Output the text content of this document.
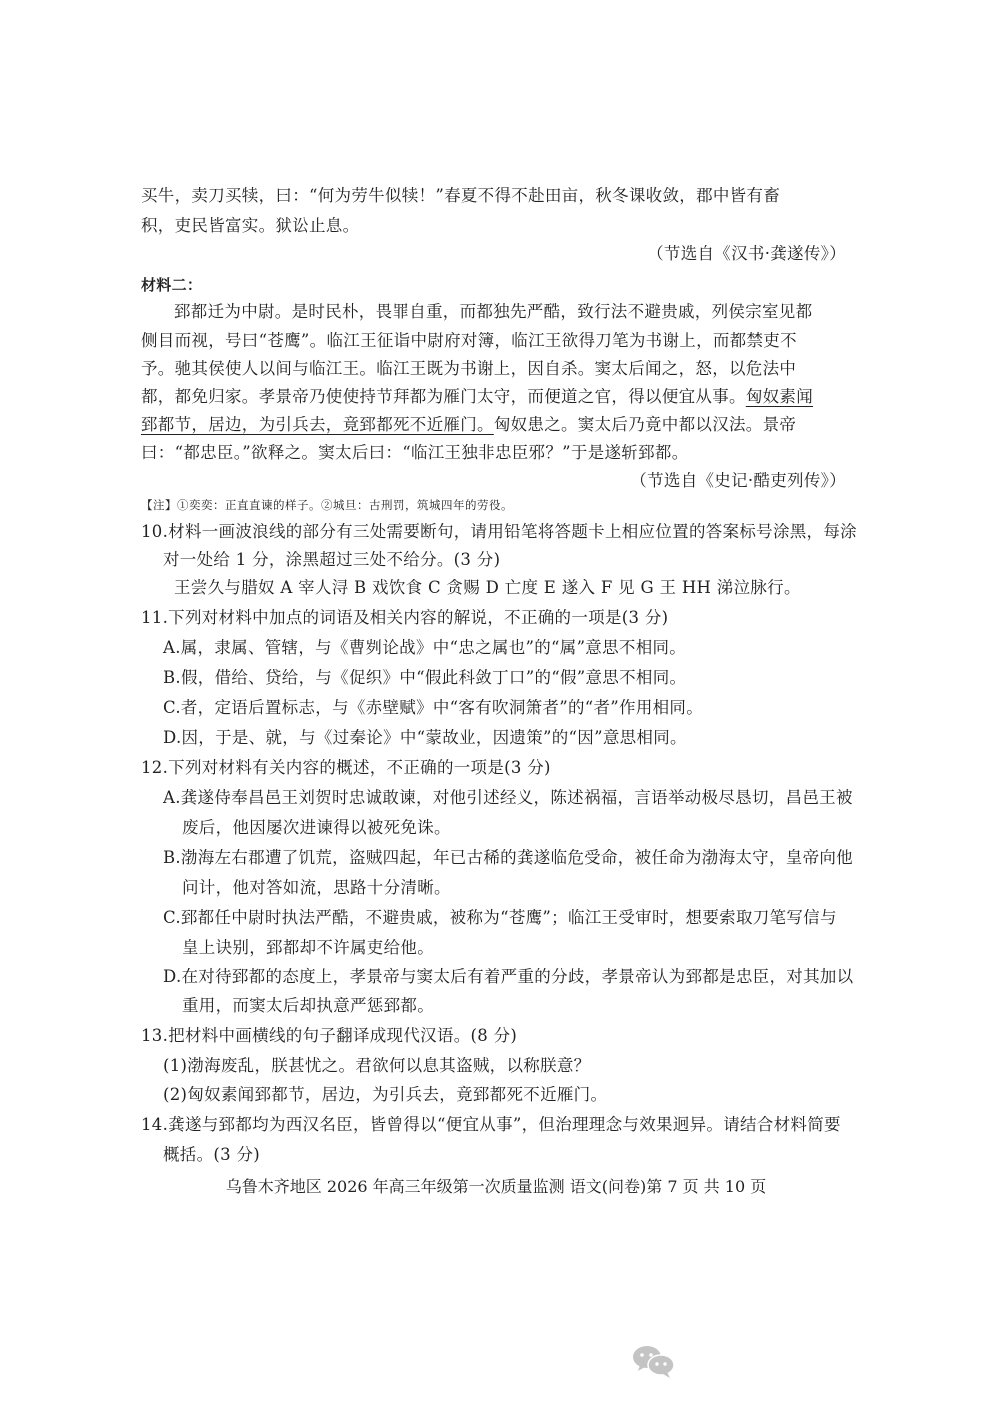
买牛，卖刀买犊，曰：“何为劳牛似犊！”春夏不得不赴田亩，秋冬课收敛，郡中皆有畜
积，吏民皆富实。狱讼止息。
（节选自《汉书·龚遂传》）
材料二：
郅都迁为中尉。是时民朴，畏罪自重，而都独先严酷，致行法不避贵戚，列侯宗室见都
侧目而视，号曰“苍鹰”。临江王征诣中尉府对簿，临江王欲得刀笔为书谢上，而都禁吏不
予。驰其侯使人以间与临江王。临江王既为书谢上，因自杀。窦太后闻之，怒，以危法中
都，都免归家。孝景帝乃使使持节拜都为雁门太守，而便道之官，得以便宜从事。匈奴素闻
郅都节，居边，为引兵去，竟郅都死不近雁门。匈奴患之。窦太后乃竟中都以汉法。景帝
曰：“都忠臣。”欲释之。窦太后曰：“临江王独非忠臣邪？”于是遂斩郅都。
（节选自《史记·酷吏列传》）
【注】①奕奕：正直直谏的样子。②城旦：古刑罚，筑城四年的劳役。
10.材料一画波浪线的部分有三处需要断句，请用铅笔将答题卡上相应位置的答案标号涂黑，每涂
对一处给 1 分，涂黑超过三处不给分。(3 分)
王尝久与腊奴 A 宰人浔 B 戏饮食 C 贪赐 D 亡度 E 遂入 F 见 G 王 HH 涕泣脉行。
11.下列对材料中加点的词语及相关内容的解说，不正确的一项是(3 分)
A.属，隶属、管辖，与《曹刿论战》中“忠之属也”的“属”意思不相同。
B.假，借给、贷给，与《促织》中“假此科敛丁口”的“假”意思不相同。
C.者，定语后置标志，与《赤壁赋》中“客有吹洞箫者”的“者”作用相同。
D.因，于是、就，与《过秦论》中“蒙故业，因遗策”的“因”意思相同。
12.下列对材料有关内容的概述，不正确的一项是(3 分)
A.龚遂侍奉昌邑王刘贺时忠诚敢谏，对他引述经义，陈述祸福，言语举动极尽恳切，昌邑王被
废后，他因屡次进谏得以被死免诛。
B.渤海左右郡遭了饥荒，盗贼四起，年已古稀的龚遂临危受命，被任命为渤海太守，皇帝向他
问计，他对答如流，思路十分清晰。
C.郅都任中尉时执法严酷，不避贵戚，被称为“苍鹰”；临江王受审时，想要索取刀笔写信与
皇上诀别，郅都却不许属吏给他。
D.在对待郅都的态度上，孝景帝与窦太后有着严重的分歧，孝景帝认为郅都是忠臣，对其加以
重用，而窦太后却执意严惩郅都。
13.把材料中画横线的句子翻译成现代汉语。(8 分)
(1)渤海废乱，朕甚忧之。君欲何以息其盗贼，以称朕意？
(2)匈奴素闻郅都节，居边，为引兵去，竟郅都死不近雁门。
14.龚遂与郅都均为西汉名臣，皆曾得以“便宜从事”，但治理理念与效果迥异。请结合材料简要
概括。(3 分)
乌鲁木齐地区 2026 年高三年级第一次质量监测 语文(问卷)第 7 页 共 10 页
